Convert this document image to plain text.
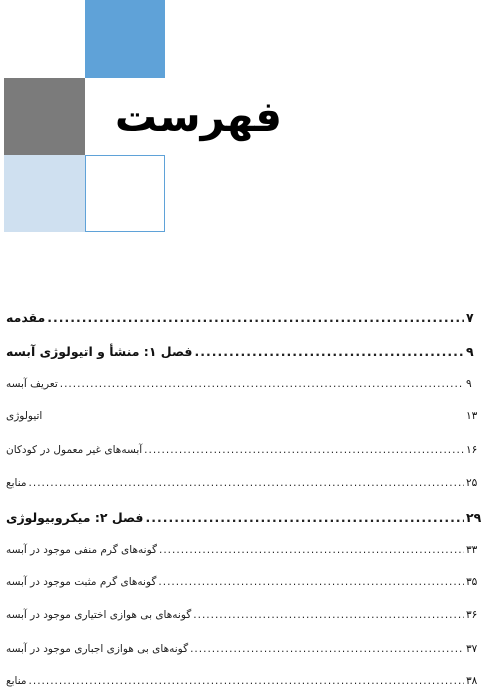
فهرست
مقدمه .....	۷
فصل ۱: منشأ و اتیولوژی آبسه .....	۹
تعریف آبسه .....	۹
اتیولوژی	۱۳
آبسه‌های غیر معمول در کودکان .....	۱۶
منابع .....	۲۵
فصل ۲: میکروبیولوژی .....	۲۹
گونه‌های گرم منفی موجود در آبسه .....	۳۳
گونه‌های گرم مثبت موجود در آبسه .....	۳۵
گونه‌های بی هوازی اختیاری موجود در آبسه .....	۳۶
گونه‌های بی هوازی اجباری موجود در آبسه .....	۳۷
منابع .....	۳۸
